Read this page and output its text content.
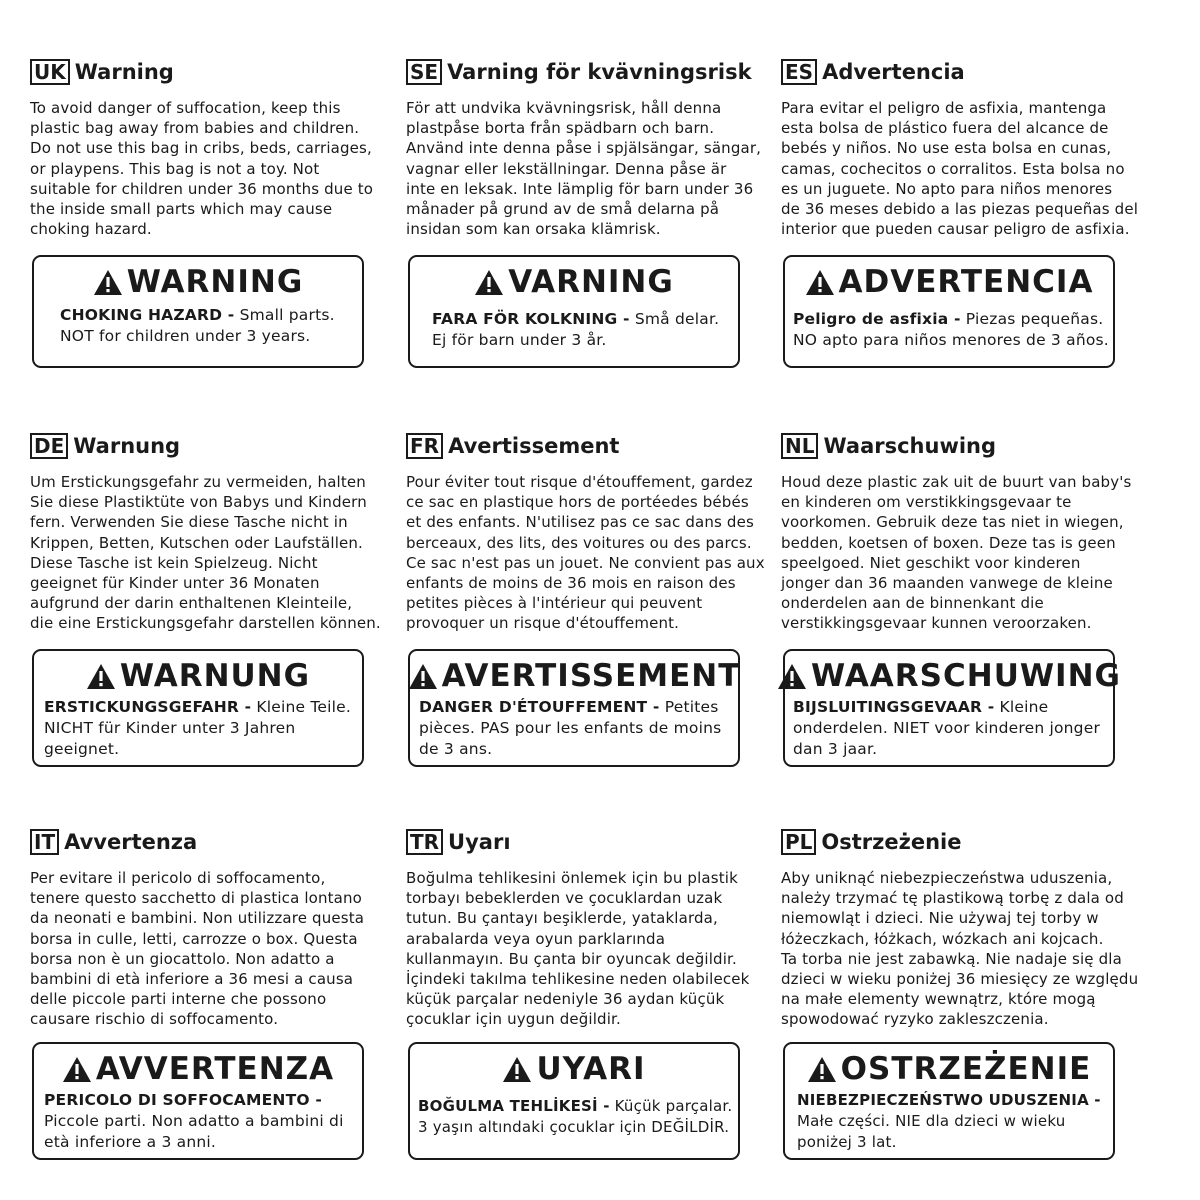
UK Warning
To avoid danger of suffocation, keep this
plastic bag away from babies and children.
Do not use this bag in cribs, beds, carriages,
or playpens. This bag is not a toy. Not
suitable for children under 36 months due to
the inside small parts which may cause
choking hazard.
WARNING
CHOKING HAZARD - Small parts.
NOT for children under 3 years.
SE Varning för kvävningsrisk
För att undvika kvävningsrisk, håll denna
plastpåse borta från spädbarn och barn.
Använd inte denna påse i spjälsängar, sängar,
vagnar eller lekställningar. Denna påse är
inte en leksak. Inte lämplig för barn under 36
månader på grund av de små delarna på
insidan som kan orsaka klämrisk.
VARNING
FARA FÖR KOLKNING - Små delar.
Ej för barn under 3 år.
ES Advertencia
Para evitar el peligro de asfixia, mantenga
esta bolsa de plástico fuera del alcance de
bebés y niños. No use esta bolsa en cunas,
camas, cochecitos o corralitos. Esta bolsa no
es un juguete. No apto para niños menores
de 36 meses debido a las piezas pequeñas del
interior que pueden causar peligro de asfixia.
ADVERTENCIA
Peligro de asfixia - Piezas pequeñas.
NO apto para niños menores de 3 años.
DE Warnung
Um Erstickungsgefahr zu vermeiden, halten
Sie diese Plastiktüte von Babys und Kindern
fern. Verwenden Sie diese Tasche nicht in
Krippen, Betten, Kutschen oder Laufställen.
Diese Tasche ist kein Spielzeug. Nicht
geeignet für Kinder unter 36 Monaten
aufgrund der darin enthaltenen Kleinteile,
die eine Erstickungsgefahr darstellen können.
WARNUNG
ERSTICKUNGSGEFAHR - Kleine Teile.
NICHT für Kinder unter 3 Jahren
geeignet.
FR Avertissement
Pour éviter tout risque d'étouffement, gardez
ce sac en plastique hors de portéedes bébés
et des enfants. N'utilisez pas ce sac dans des
berceaux, des lits, des voitures ou des parcs.
Ce sac n'est pas un jouet. Ne convient pas aux
enfants de moins de 36 mois en raison des
petites pièces à l'intérieur qui peuvent
provoquer un risque d'étouffement.
AVERTISSEMENT
DANGER D'ÉTOUFFEMENT - Petites
pièces. PAS pour les enfants de moins
de 3 ans.
NL Waarschuwing
Houd deze plastic zak uit de buurt van baby's
en kinderen om verstikkingsgevaar te
voorkomen. Gebruik deze tas niet in wiegen,
bedden, koetsen of boxen. Deze tas is geen
speelgoed. Niet geschikt voor kinderen
jonger dan 36 maanden vanwege de kleine
onderdelen aan de binnenkant die
verstikkingsgevaar kunnen veroorzaken.
WAARSCHUWING
BIJSLUITINGSGEVAAR - Kleine
onderdelen. NIET voor kinderen jonger
dan 3 jaar.
IT Avvertenza
Per evitare il pericolo di soffocamento,
tenere questo sacchetto di plastica lontano
da neonati e bambini. Non utilizzare questa
borsa in culle, letti, carrozze o box. Questa
borsa non è un giocattolo. Non adatto a
bambini di età inferiore a 36 mesi a causa
delle piccole parti interne che possono
causare rischio di soffocamento.
AVVERTENZA
PERICOLO DI SOFFOCAMENTO -
Piccole parti. Non adatto a bambini di
età inferiore a 3 anni.
TR Uyarı
Boğulma tehlikesini önlemek için bu plastik
torbayı bebeklerden ve çocuklardan uzak
tutun. Bu çantayı beşiklerde, yataklarda,
arabalarda veya oyun parklarında
kullanmayın. Bu çanta bir oyuncak değildir.
İçindeki takılma tehlikesine neden olabilecek
küçük parçalar nedeniyle 36 aydan küçük
çocuklar için uygun değildir.
UYARI
BOĞULMA TEHLİKESİ - Küçük parçalar.
3 yaşın altındaki çocuklar için DEĞİLDİR.
PL Ostrzeżenie
Aby uniknąć niebezpieczeństwa uduszenia,
należy trzymać tę plastikową torbę z dala od
niemowląt i dzieci. Nie używaj tej torby w
łóżeczkach, łóżkach, wózkach ani kojcach.
Ta torba nie jest zabawką. Nie nadaje się dla
dzieci w wieku poniżej 36 miesięcy ze względu
na małe elementy wewnątrz, które mogą
spowodować ryzyko zakleszczenia.
OSTRZEŻENIE
NIEBEZPIECZEŃSTWO UDUSZENIA -
Małe części. NIE dla dzieci w wieku
poniżej 3 lat.
